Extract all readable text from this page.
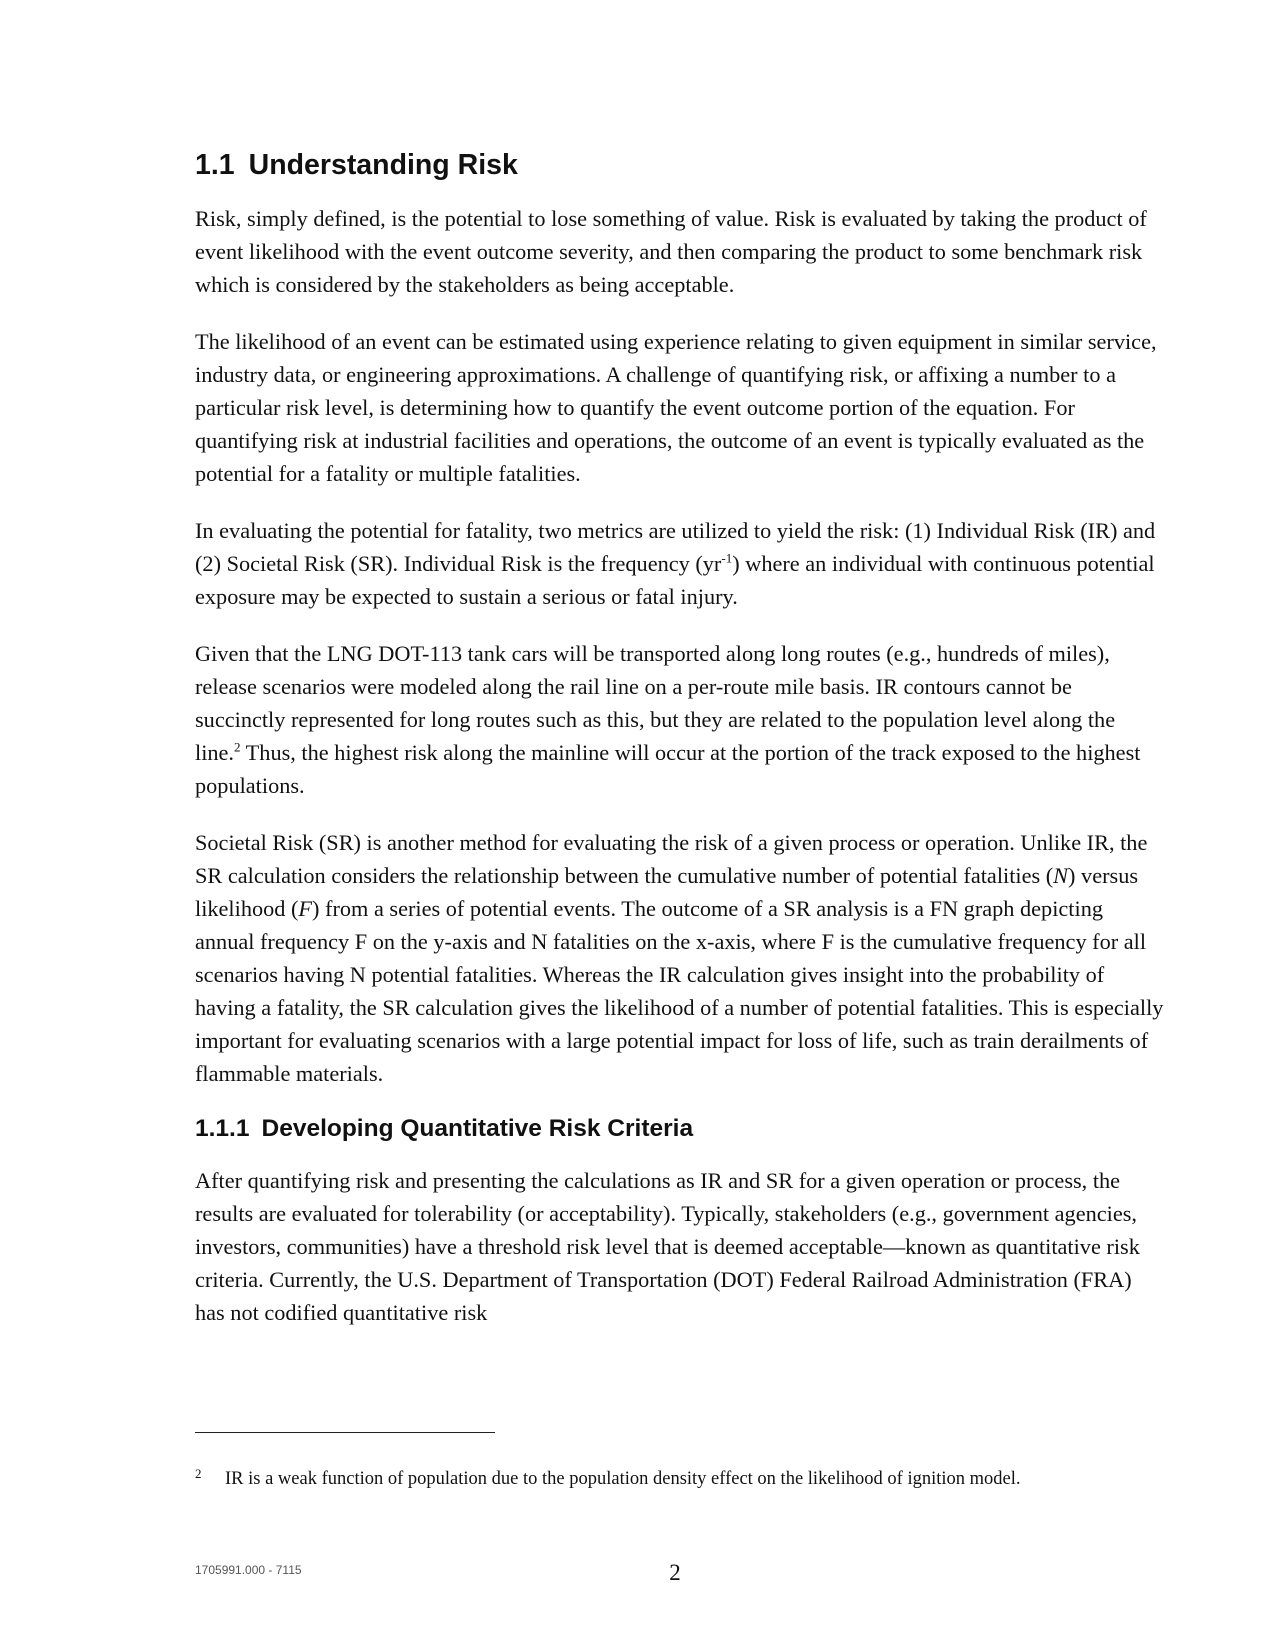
1.1 Understanding Risk

Risk, simply defined, is the potential to lose something of value. Risk is evaluated by taking the product of event likelihood with the event outcome severity, and then comparing the product to some benchmark risk which is considered by the stakeholders as being acceptable.

The likelihood of an event can be estimated using experience relating to given equipment in similar service, industry data, or engineering approximations. A challenge of quantifying risk, or affixing a number to a particular risk level, is determining how to quantify the event outcome portion of the equation. For quantifying risk at industrial facilities and operations, the outcome of an event is typically evaluated as the potential for a fatality or multiple fatalities.

In evaluating the potential for fatality, two metrics are utilized to yield the risk: (1) Individual Risk (IR) and (2) Societal Risk (SR). Individual Risk is the frequency $(yr^{-1})$ where an individual with continuous potential exposure may be expected to sustain a serious or fatal injury.

Given that the LNG DOT-113 tank cars will be transported along long routes (e.g., hundreds of miles), release scenarios were modeled along the rail line on a per-route mile basis. IR contours cannot be succinctly represented for long routes such as this, but they are related to the population level along the line.$^2$ Thus, the highest risk along the mainline will occur at the portion of the track exposed to the highest populations.

Societal Risk (SR) is another method for evaluating the risk of a given process or operation. Unlike IR, the SR calculation considers the relationship between the cumulative number of potential fatalities (N) versus likelihood (F) from a series of potential events. The outcome of a SR analysis is a FN graph depicting annual frequency F on the y-axis and N fatalities on the x-axis, where F is the cumulative frequency for all scenarios having N potential fatalities. Whereas the IR calculation gives insight into the probability of having a fatality, the SR calculation gives the likelihood of a number of potential fatalities. This is especially important for evaluating scenarios with a large potential impact for loss of life, such as train derailments of flammable materials.

1.1.1 Developing Quantitative Risk Criteria

After quantifying risk and presenting the calculations as IR and SR for a given operation or process, the results are evaluated for tolerability (or acceptability). Typically, stakeholders (e.g., government agencies, investors, communities) have a threshold risk level that is deemed acceptable—known as quantitative risk criteria. Currently, the U.S. Department of Transportation (DOT) Federal Railroad Administration (FRA) has not codified quantitative risk

2 IR is a weak function of population due to the population density effect on the likelihood of ignition model.
1705991.000 - 7115	2
